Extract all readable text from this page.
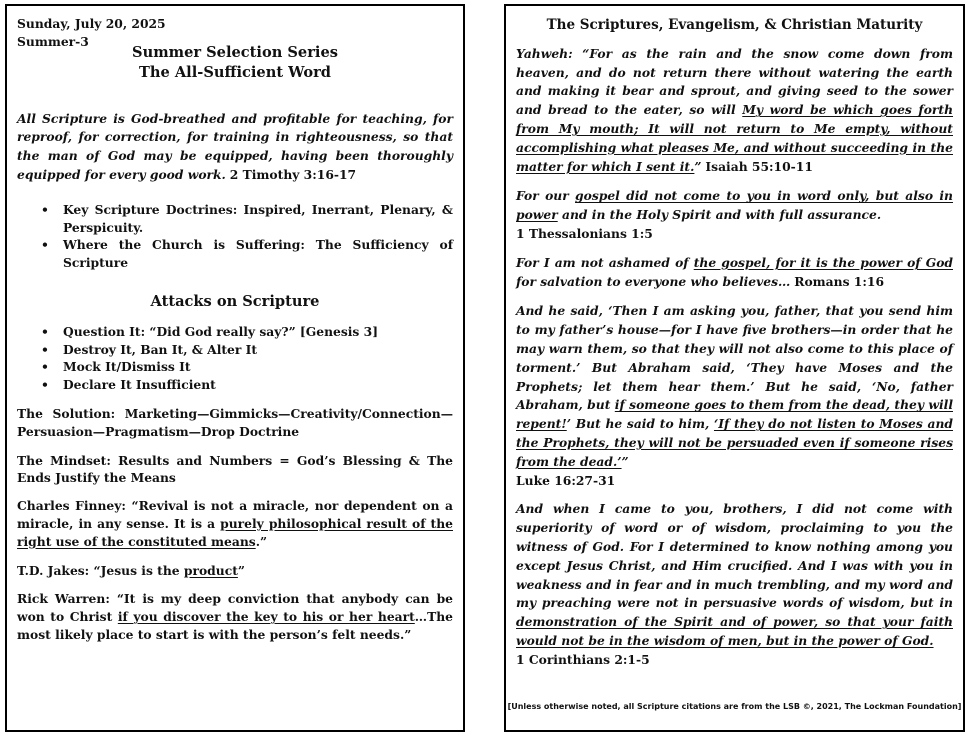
Sunday, July 20, 2025
Summer-3
Summer Selection Series
The All-Sufficient Word
All Scripture is God-breathed and profitable for teaching, for reproof, for correction, for training in righteousness, so that the man of God may be equipped, having been thoroughly equipped for every good work. 2 Timothy 3:16-17
• Key Scripture Doctrines: Inspired, Inerrant, Plenary, & Perspicuity.
• Where the Church is Suffering: The Sufficiency of Scripture
Attacks on Scripture
• Question It: “Did God really say?” [Genesis 3]
• Destroy It, Ban It, & Alter It
• Mock It/Dismiss It
• Declare It Insufficient
The Solution: Marketing—Gimmicks—Creativity/Connection—Persuasion—Pragmatism—Drop Doctrine
The Mindset: Results and Numbers = God’s Blessing & The Ends Justify the Means
Charles Finney: “Revival is not a miracle, nor dependent on a miracle, in any sense. It is a purely philosophical result of the right use of the constituted means.”
T.D. Jakes: “Jesus is the product”
Rick Warren: “It is my deep conviction that anybody can be won to Christ if you discover the key to his or her heart…The most likely place to start is with the person’s felt needs.”
The Scriptures, Evangelism, & Christian Maturity
Yahweh: “For as the rain and the snow come down from heaven, and do not return there without watering the earth and making it bear and sprout, and giving seed to the sower and bread to the eater, so will My word be which goes forth from My mouth; It will not return to Me empty, without accomplishing what pleases Me, and without succeeding in the matter for which I sent it.” Isaiah 55:10-11
For our gospel did not come to you in word only, but also in power and in the Holy Spirit and with full assurance.
1 Thessalonians 1:5
For I am not ashamed of the gospel, for it is the power of God for salvation to everyone who believes… Romans 1:16
And he said, ‘Then I am asking you, father, that you send him to my father’s house—for I have five brothers—in order that he may warn them, so that they will not also come to this place of torment.’ But Abraham said, ‘They have Moses and the Prophets; let them hear them.’ But he said, ‘No, father Abraham, but if someone goes to them from the dead, they will repent!’ But he said to him, ‘If they do not listen to Moses and the Prophets, they will not be persuaded even if someone rises from the dead.’”
Luke 16:27-31
And when I came to you, brothers, I did not come with superiority of word or of wisdom, proclaiming to you the witness of God. For I determined to know nothing among you except Jesus Christ, and Him crucified. And I was with you in weakness and in fear and in much trembling, and my word and my preaching were not in persuasive words of wisdom, but in demonstration of the Spirit and of power, so that your faith would not be in the wisdom of men, but in the power of God.
1 Corinthians 2:1-5
[Unless otherwise noted, all Scripture citations are from the LSB ©, 2021, The Lockman Foundation]
